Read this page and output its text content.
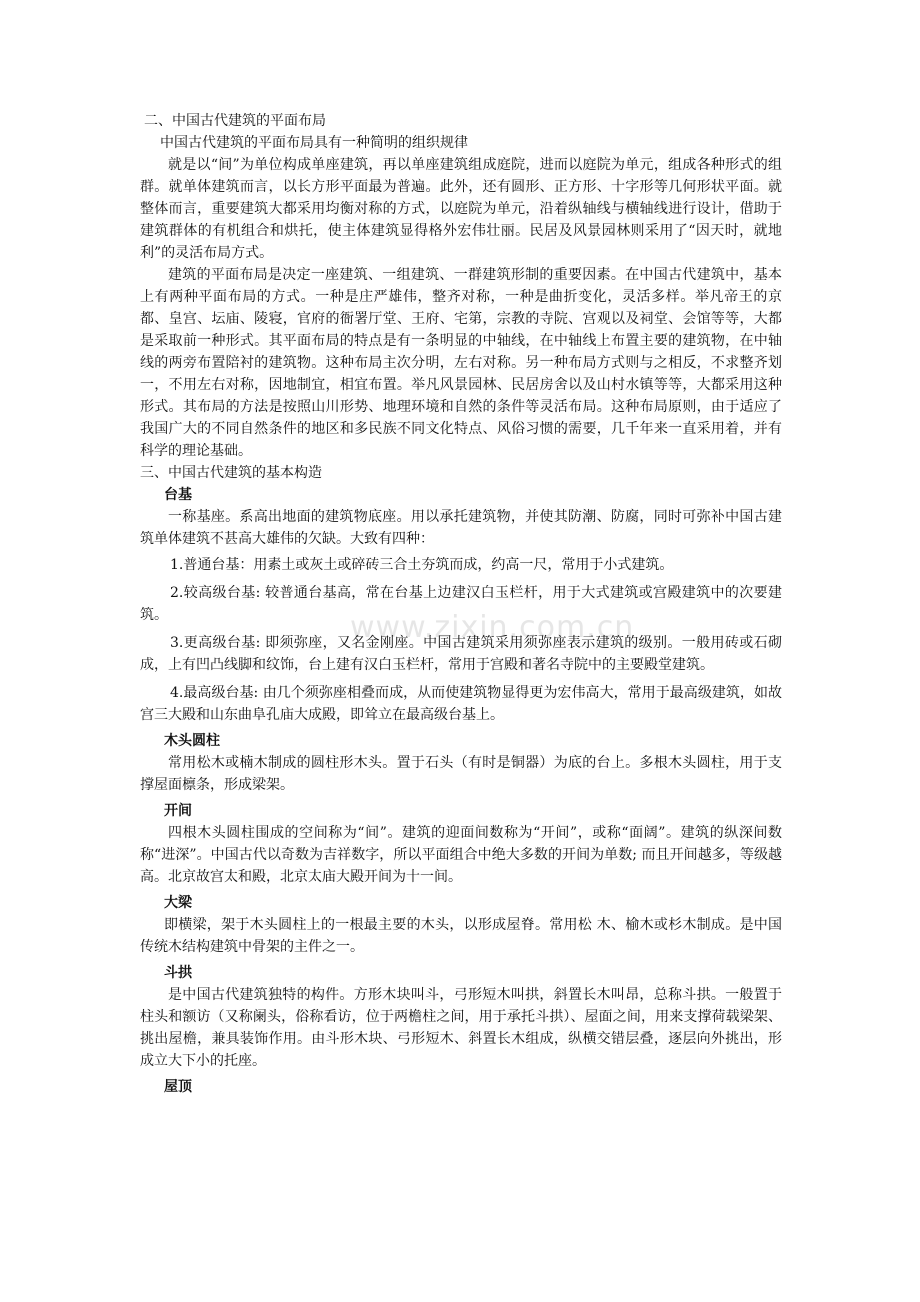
www.zixin.com.cn
二、中国古代建筑的平面布局
中国古代建筑的平面布局具有一种简明的组织规律

就是以“间”为单位构成单座建筑，再以单座建筑组成庭院，进而以庭院为单元，组成各种形式的组群。就单体建筑而言，以长方形平面最为普遍。此外，还有圆形、正方形、十字形等几何形状平面。就整体而言，重要建筑大都采用均衡对称的方式，以庭院为单元，沿着纵轴线与横轴线进行设计，借助于建筑群体的有机组合和烘托，使主体建筑显得格外宏伟壮丽。民居及风景园林则采用了“因天时，就地利”的灵活布局方式。

建筑的平面布局是决定一座建筑、一组建筑、一群建筑形制的重要因素。在中国古代建筑中，基本上有两种平面布局的方式。一种是庄严雄伟，整齐对称，一种是曲折变化，灵活多样。举凡帝王的京都、皇宫、坛庙、陵寝，官府的衙署厅堂、王府、宅第，宗教的寺院、宫观以及祠堂、会馆等等，大都是采取前一种形式。其平面布局的特点是有一条明显的中轴线，在中轴线上布置主要的建筑物，在中轴线的两旁布置陪衬的建筑物。这种布局主次分明，左右对称。另一种布局方式则与之相反，不求整齐划一，不用左右对称，因地制宜，相宜布置。举凡风景园林、民居房舍以及山村水镇等等，大都采用这种形式。其布局的方法是按照山川形势、地理环境和自然的条件等灵活布局。这种布局原则，由于适应了我国广大的不同自然条件的地区和多民族不同文化特点、风俗习惯的需要，几千年来一直采用着，并有科学的理论基础。

三、中国古代建筑的基本构造
台基

一称基座。系高出地面的建筑物底座。用以承托建筑物，并使其防潮、防腐，同时可弥补中国古建筑单体建筑不甚高大雄伟的欠缺。大致有四种：

1.普通台基：用素土或灰土或碎砖三合土夯筑而成，约高一尺，常用于小式建筑。

2.较高级台基: 较普通台基高，常在台基上边建汉白玉栏杆，用于大式建筑或宫殿建筑中的次要建筑。

3.更高级台基: 即须弥座，又名金刚座。中国古建筑采用须弥座表示建筑的级别。一般用砖或石砌成，上有凹凸线脚和纹饰，台上建有汉白玉栏杆，常用于宫殿和著名寺院中的主要殿堂建筑。

4.最高级台基: 由几个须弥座相叠而成，从而使建筑物显得更为宏伟高大，常用于最高级建筑，如故宫三大殿和山东曲阜孔庙大成殿，即耸立在最高级台基上。

木头圆柱

常用松木或楠木制成的圆柱形木头。置于石头（有时是铜器）为底的台上。多根木头圆柱，用于支撑屋面檩条，形成梁架。

开间

四根木头圆柱围成的空间称为“间”。建筑的迎面间数称为“开间”，或称“面阔”。建筑的纵深间数称“进深”。中国古代以奇数为吉祥数字，所以平面组合中绝大多数的开间为单数; 而且开间越多，等级越高。北京故宫太和殿，北京太庙大殿开间为十一间。

大梁

即横梁，架于木头圆柱上的一根最主要的木头，以形成屋脊。常用松 木、榆木或杉木制成。是中国传统木结构建筑中骨架的主件之一。

斗拱

是中国古代建筑独特的构件。方形木块叫斗，弓形短木叫拱，斜置长木叫昂，总称斗拱。一般置于柱头和额访（又称阑头，俗称看访，位于两檐柱之间，用于承托斗拱）、屋面之间，用来支撑荷载梁架、挑出屋檐，兼具装饰作用。由斗形木块、弓形短木、斜置长木组成，纵横交错层叠，逐层向外挑出，形成立大下小的托座。

屋顶
